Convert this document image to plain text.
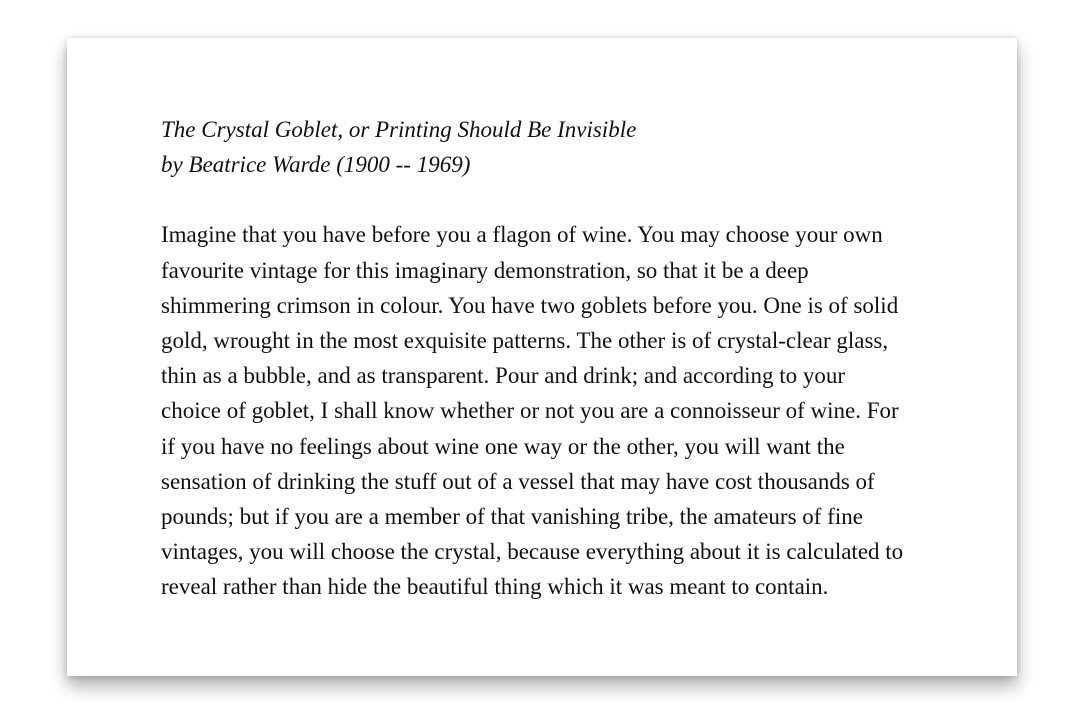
The Crystal Goblet, or Printing Should Be Invisible
by Beatrice Warde (1900 -- 1969)
Imagine that you have before you a flagon of wine. You may choose your own
favourite vintage for this imaginary demonstration, so that it be a deep
shimmering crimson in colour. You have two goblets before you. One is of solid
gold, wrought in the most exquisite patterns. The other is of crystal-clear glass,
thin as a bubble, and as transparent. Pour and drink; and according to your
choice of goblet, I shall know whether or not you are a connoisseur of wine. For
if you have no feelings about wine one way or the other, you will want the
sensation of drinking the stuff out of a vessel that may have cost thousands of
pounds; but if you are a member of that vanishing tribe, the amateurs of fine
vintages, you will choose the crystal, because everything about it is calculated to
reveal rather than hide the beautiful thing which it was meant to contain.
